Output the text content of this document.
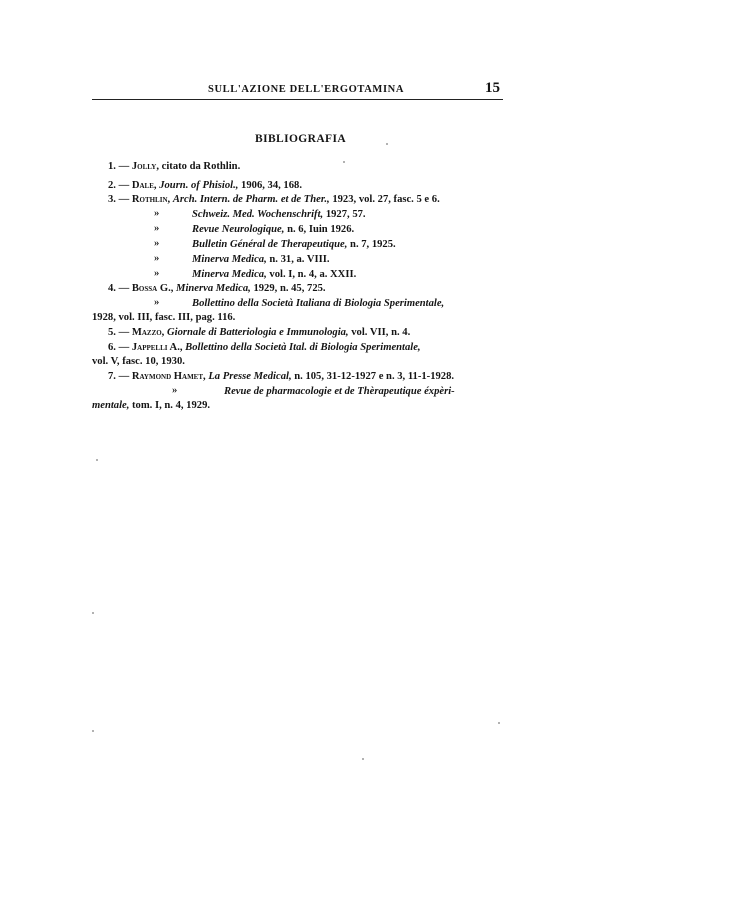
SULL'AZIONE DELL'ERGOTAMINA	15
BIBLIOGRAFIA
1. — Jolly, citato da Rothlin.
2. — Dale, Journ. of Phisiol., 1906, 34, 168.
3. — Rothlin, Arch. Intern. de Pharm. et de Ther., 1923, vol. 27, fasc. 5 e 6.
»	Schweiz. Med. Wochenschrift, 1927, 57.
»	Revue Neurologique, n. 6, Iuin 1926.
»	Bulletin Général de Therapeutique, n. 7, 1925.
»	Minerva Medica, n. 31, a. VIII.
»	Minerva Medica, vol. I, n. 4, a. XXII.
4. — Bossa G., Minerva Medica, 1929, n. 45, 725.
»	Bollettino della Società Italiana di Biologia Sperimentale,
1928, vol. III, fasc. III, pag. 116.
5. — Mazzo, Giornale di Batteriologia e Immunologia, vol. VII, n. 4.
6. — Jappelli A., Bollettino della Società Ital. di Biologia Sperimentale,
vol. V, fasc. 10, 1930.
7. — Raymond Hamet, La Presse Medical, n. 105, 31-12-1927 e n. 3, 11-1-1928.
»	Revue de pharmacologie et de Thèrapeutique éxpèri-
mentale, tom. I, n. 4, 1929.
